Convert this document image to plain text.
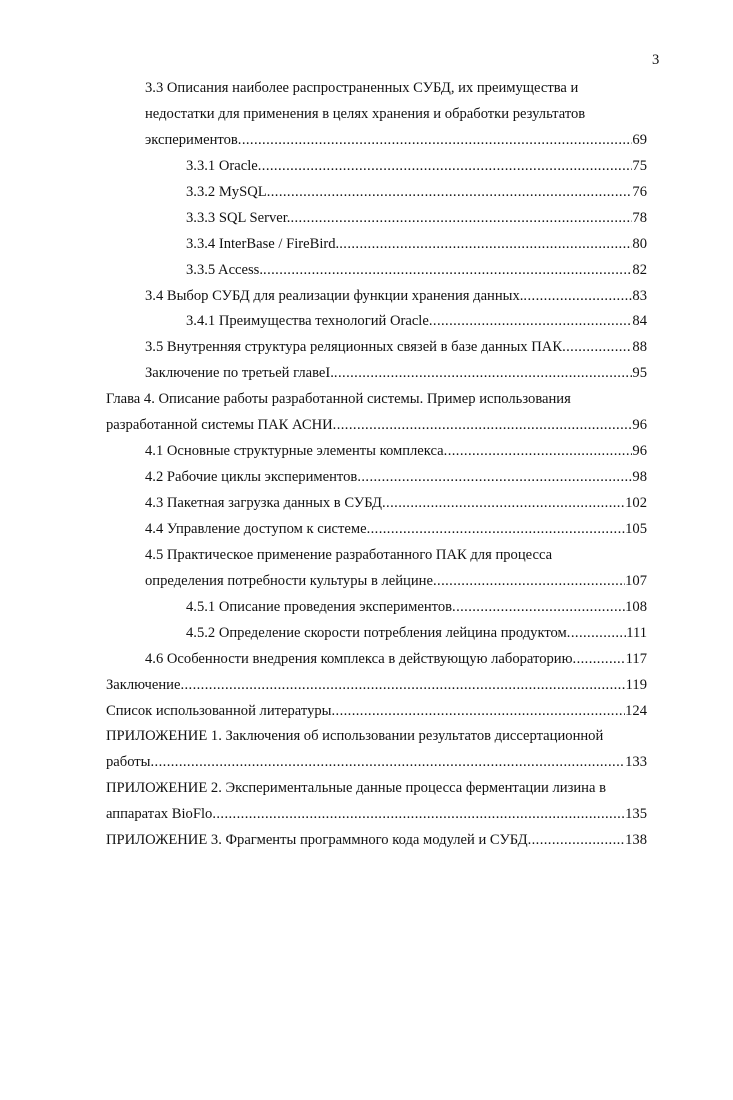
3
3.3 Описания наиболее распространенных СУБД, их преимущества и
недостатки для применения в целях хранения и обработки результатов
экспериментов .....	69
3.3.1 Oracle .....	75
3.3.2 MySQL .....	76
3.3.3 SQL Server. .....	78
3.3.4 InterBase / FireBird. .....	80
3.3.5 Access. .....	82
3.4 Выбор СУБД для реализации функции хранения данных. .....	83
3.4.1 Преимущества технологий Oracle .....	84
3.5 Внутренняя структура реляционных связей в базе данных ПАК .....	88
Заключение по третьей главеI. .....	95
Глава 4. Описание работы разработанной системы. Пример использования
разработанной системы ПАК АСНИ .....	96
4.1 Основные структурные элементы комплекса .....	96
4.2 Рабочие циклы экспериментов .....	98
4.3 Пакетная загрузка данных в СУБД .....	102
4.4 Управление доступом к системе .....	105
4.5 Практическое применение разработанного ПАК для процесса
определения потребности культуры в лейцине .....	107
4.5.1 Описание проведения экспериментов .....	108
4.5.2 Определение скорости потребления лейцина продуктом .....	111
4.6 Особенности внедрения комплекса в действующую лабораторию .....	117
Заключение .....	119
Список использованной литературы .....	124
ПРИЛОЖЕНИЕ 1. Заключения об использовании результатов диссертационной
работы .....	133
ПРИЛОЖЕНИЕ 2. Экспериментальные данные процесса ферментации лизина в
аппаратах BioFlo .....	135
ПРИЛОЖЕНИЕ 3. Фрагменты программного кода модулей и СУБД .....	138
